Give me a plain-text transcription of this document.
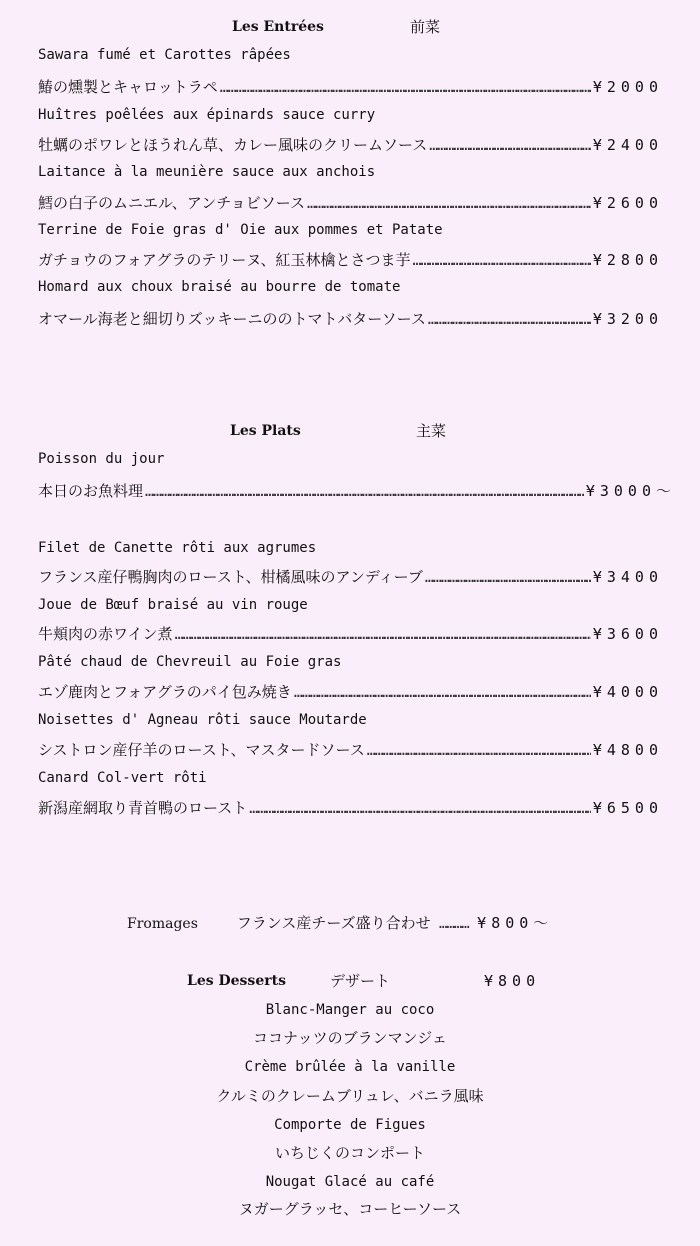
Les Entrées	前菜
Sawara fumé et Carottes râpées
鰆の燻製とキャロットラペ …………………………………………………………………………………………………………………………………………………………………………………………………………	¥2000
Huîtres poêlées aux épinards sauce curry
牡蠣のポワレとほうれん草、カレー風味のクリームソース …………………………………………………………………………………………………………………………………………………………………………………………………………	¥2400
Laitance à la meunière sauce aux anchois
鱈の白子のムニエル、アンチョビソース …………………………………………………………………………………………………………………………………………………………………………………………………………	¥2600
Terrine de Foie gras d' Oie aux pommes et Patate
ガチョウのフォアグラのテリーヌ、紅玉林檎とさつま芋 …………………………………………………………………………………………………………………………………………………………………………………………………………	¥2800
Homard aux choux braisé au bourre de tomate
オマール海老と細切りズッキーニののトマトバターソース …………………………………………………………………………………………………………………………………………………………………………………………………………	¥3200
Les Plats	主菜
Poisson du jour
本日のお魚料理 …………………………………………………………………………………………………………………………………………………………………………………………………………	¥3000～
Filet de Canette rôti aux agrumes
フランス産仔鴨胸肉のロースト、柑橘風味のアンディーブ …………………………………………………………………………………………………………………………………………………………………………………………………………	¥3400
Joue de Bœuf braisé au vin rouge
牛頬肉の赤ワイン煮 …………………………………………………………………………………………………………………………………………………………………………………………………………	¥3600
Pâté chaud de Chevreuil au Foie gras
エゾ鹿肉とフォアグラのパイ包み焼き …………………………………………………………………………………………………………………………………………………………………………………………………………	¥4000
Noisettes d' Agneau rôti sauce Moutarde
シストロン産仔羊のロースト、マスタードソース …………………………………………………………………………………………………………………………………………………………………………………………………………	¥4800
Canard Col-vert rôti
新潟産網取り青首鴨のロースト …………………………………………………………………………………………………………………………………………………………………………………………………………	¥6500
Fromages	フランス産チーズ盛り合わせ ………… ¥800～
Les Desserts	デザート	¥800
Blanc-Manger au coco
ココナッツのブランマンジェ
Crème brûlée à la vanille
クルミのクレームブリュレ、バニラ風味
Comporte de Figues
いちじくのコンポート
Nougat Glacé au café
ヌガーグラッセ、コーヒーソース
